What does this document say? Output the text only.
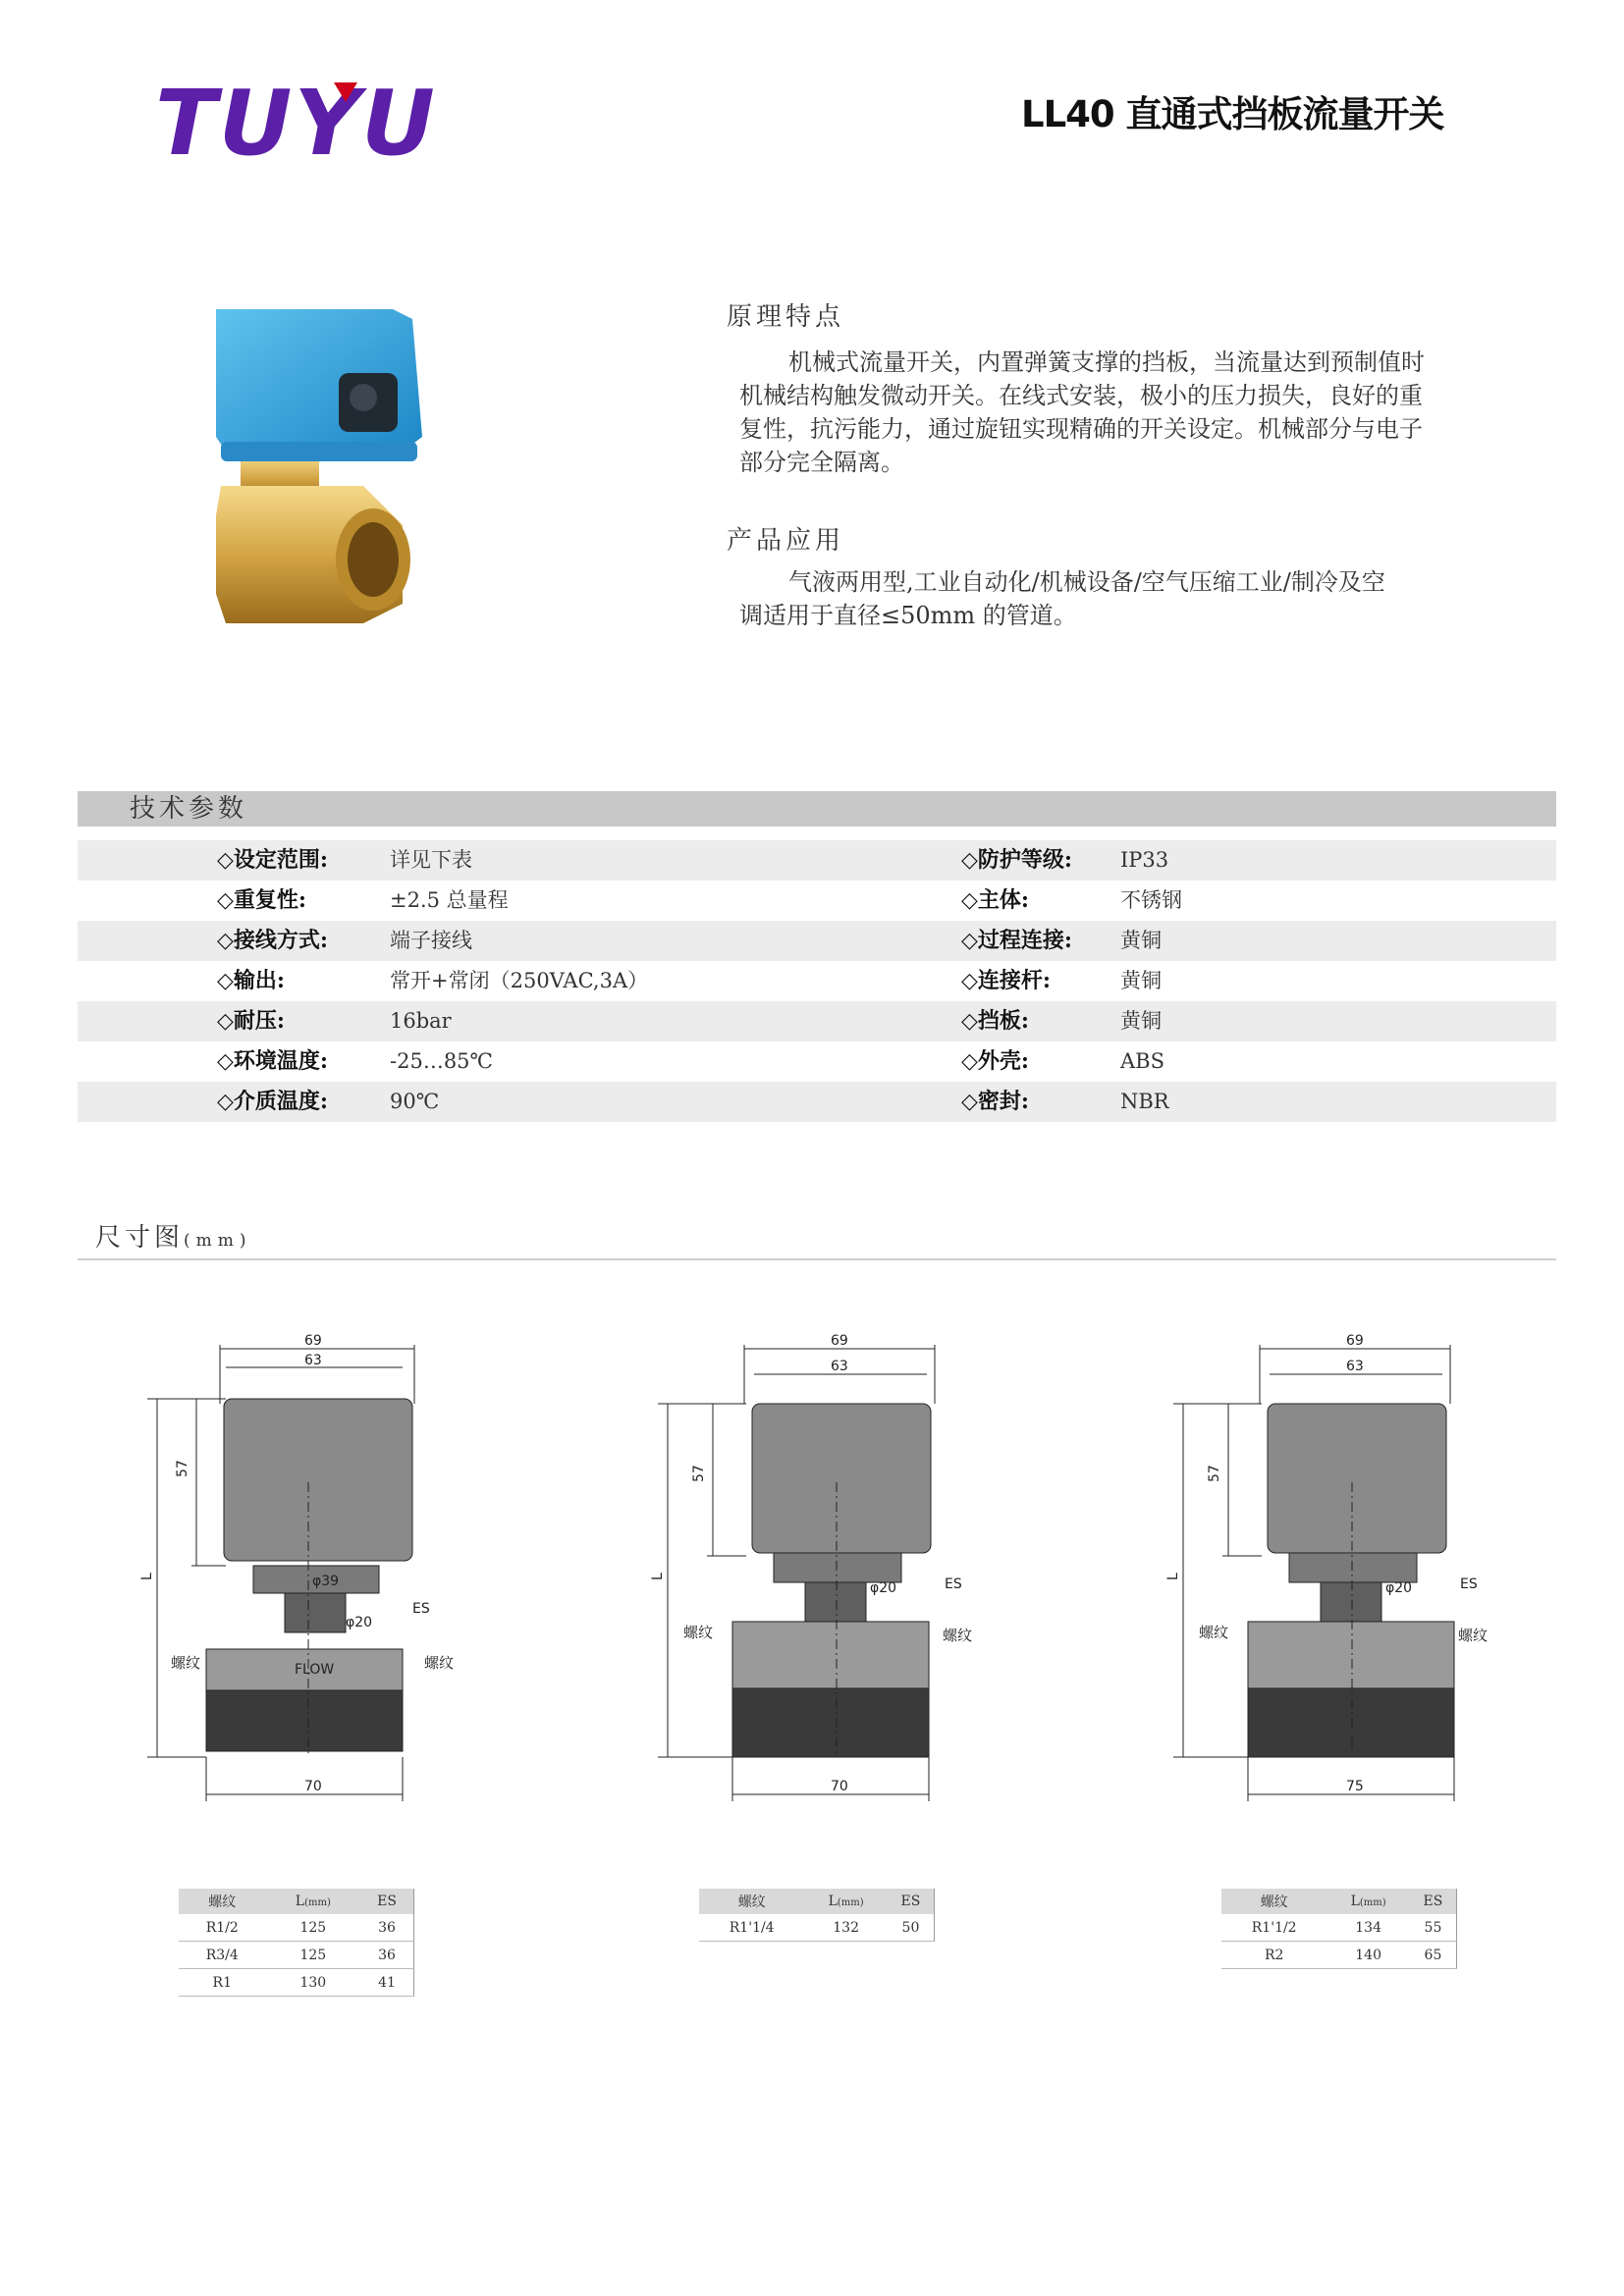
TUYU	LL40 直通式挡板流量开关
原理特点
机械式流量开关，内置弹簧支撑的挡板，当流量达到预制值时
机械结构触发微动开关。在线式安装，极小的压力损失，良好的重
复性，抗污能力，通过旋钮实现精确的开关设定。机械部分与电子
部分完全隔离。
产品应用
气液两用型,工业自动化/机械设备/空气压缩工业/制冷及空
调适用于直径≤50mm 的管道。
技术参数
◇设定范围:	详见下表	◇防护等级: IP33
◇重复性:	±2.5 总量程	◇主体:	不锈钢
◇接线方式:	端子接线	◇过程连接: 黄铜
◇输出:	常开+常闭（250VAC,3A）	◇连接杆:	黄铜
◇耐压:	16bar	◇挡板:	黄铜
◇环境温度:	-25…85℃	◇外壳:	ABS
◇介质温度:	90℃	◇密封:	NBR
尺寸图(mm)
69
63
57
L	φ39
φ20
ES
螺纹	螺纹
FLOW
70
69
63
57
L
φ20	ES
螺纹	螺纹
70
69
63
57
L
φ20	ES
螺纹	螺纹
75
螺纹	L(mm)	ES
R1/2	125	36
R3/4	125	36
R1	130	41
螺纹	L(mm)	ES
R1'1/4	132	50
螺纹	L(mm)	ES
R1'1/2	134	55
R2	140	65
